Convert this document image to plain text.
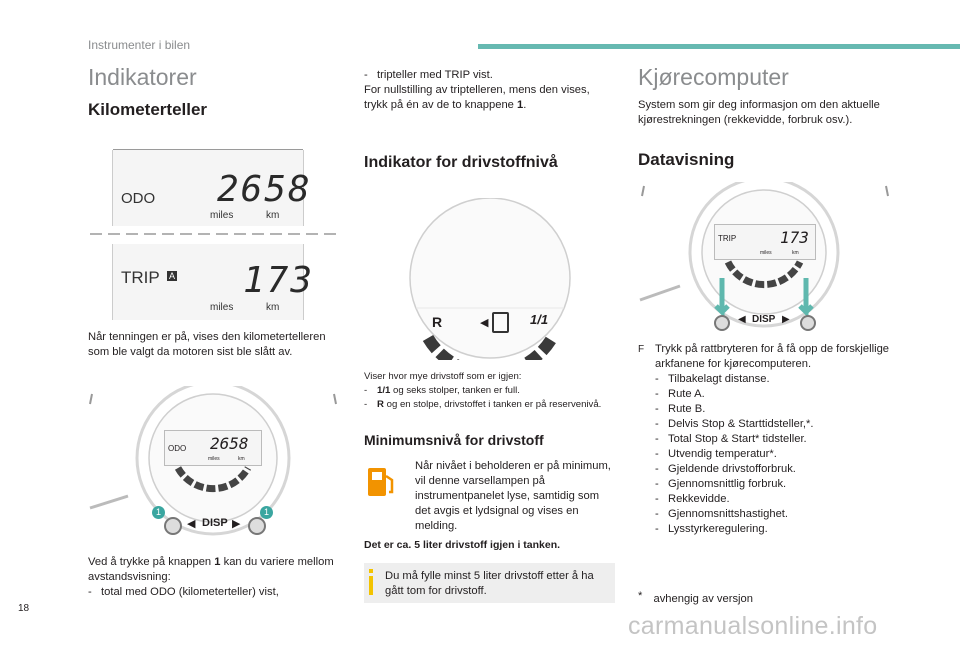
Instrumenter i bilen
Indikatorer
Kilometerteller
ODO 2658
miles	km
TRIP A 173
miles	km
Når tenningen er på, vises den kilometertelleren som ble valgt da motoren sist ble slått av.
ODO 2658
miles	km
◀ DISP ▶
1	1
Ved å trykke på knappen 1 kan du variere mellom avstandsvisning:
- total med ODO (kilometerteller) vist,
- tripteller med TRIP vist.
For nullstilling av triptelleren, mens den vises, trykk på én av de to knappene 1.
Indikator for drivstoffnivå
R	◀	1/1
Viser hvor mye drivstoff som er igjen:
- 1/1 og seks stolper, tanken er full.
- R og en stolpe, drivstoffet i tanken er på reservenivå.
Minimumsnivå for drivstoff
Når nivået i beholderen er på minimum, vil denne varsellampen på instrumentpanelet lyse, samtidig som det avgis et lydsignal og vises en melding.
Det er ca. 5 liter drivstoff igjen i tanken.
Du må fylle minst 5 liter drivstoff etter å ha gått tom for drivstoff.
Kjørecomputer
System som gir deg informasjon om den aktuelle kjørestrekningen (rekkevidde, forbruk osv.).
Datavisning
TRIP	173
miles	km
◀ DISP ▶
F Trykk på rattbryteren for å få opp de forskjellige arkfanene for kjørecomputeren.
- Tilbakelagt distanse.
- Rute A.
- Rute B.
- Delvis Stop & Starttidsteller,*.
- Total Stop & Start* tidsteller.
- Utvendig temperatur*.
- Gjeldende drivstofforbruk.
- Gjennomsnittlig forbruk.
- Rekkevidde.
- Gjennomsnittshastighet.
- Lysstyrkeregulering.
* avhengig av versjon
18
carmanualsonline.info
